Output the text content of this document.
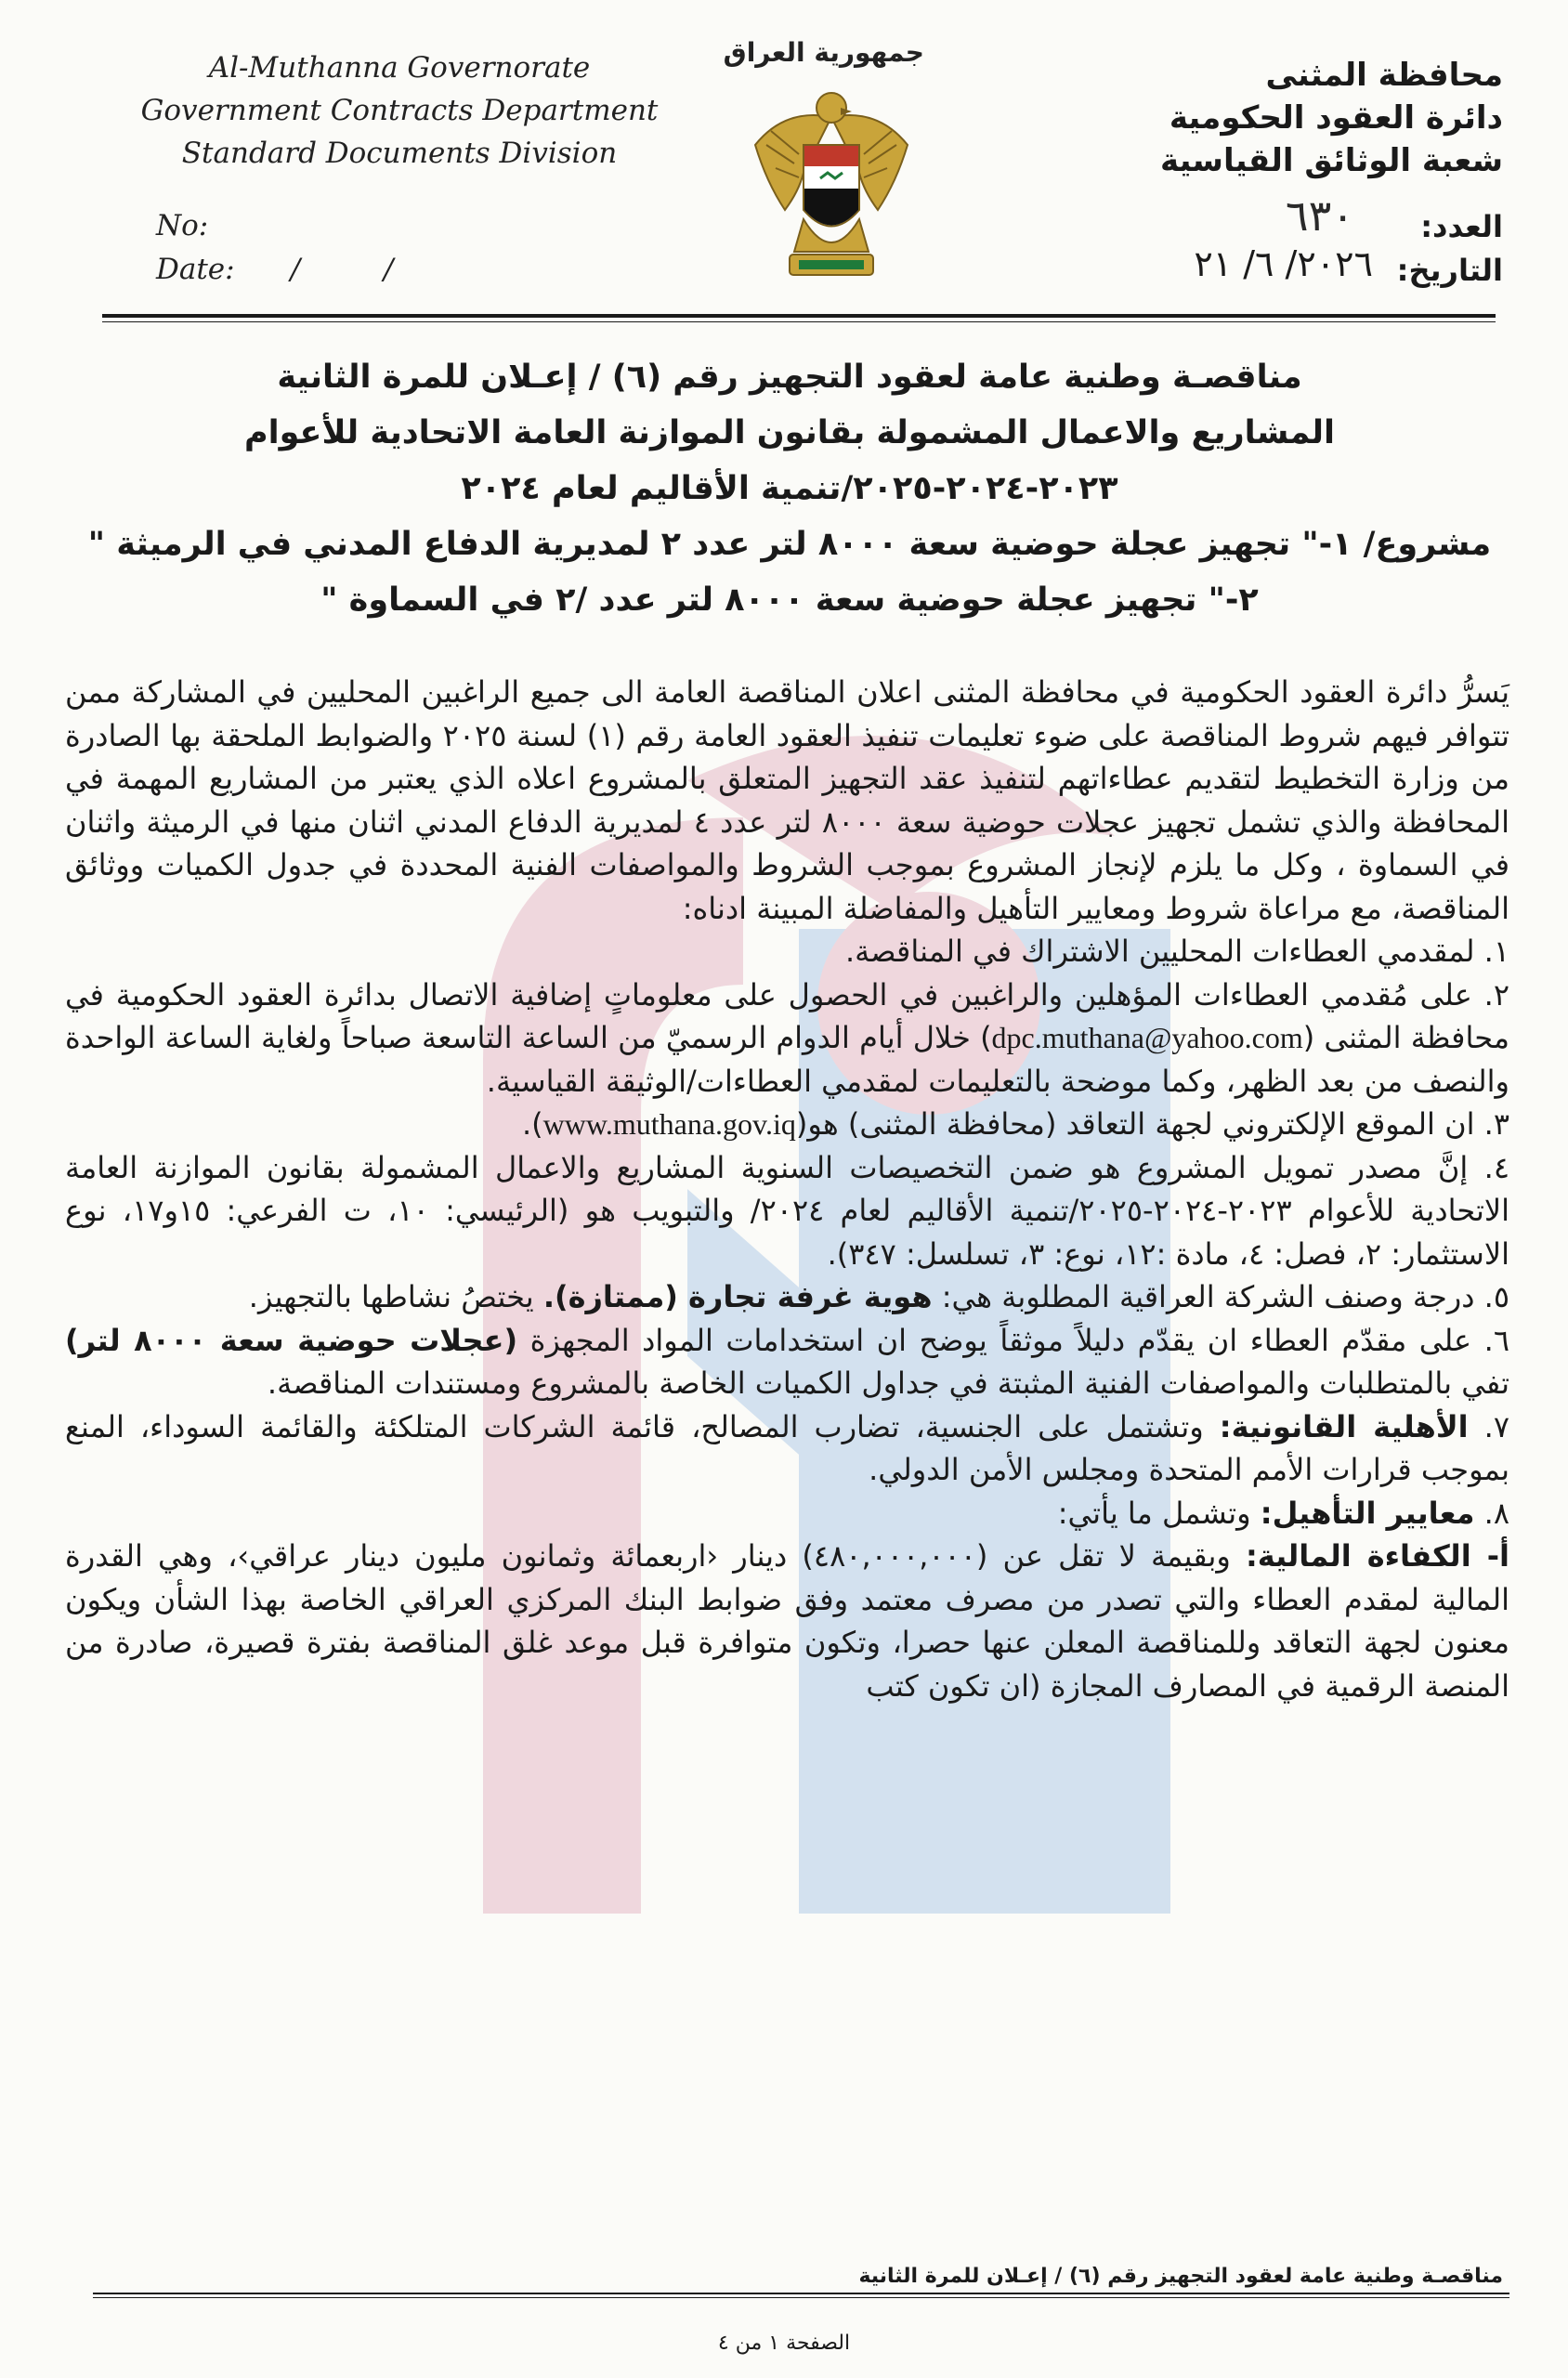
Al-Muthanna Governorate
Government Contracts Department
Standard Documents Division
No:
Date: / /
جمهورية العراق
محافظة المثنى
دائرة العقود الحكومية
شعبة الوثائق القياسية
العدد:
٦٣٠
التاريخ:
٢٠٢٦/ ٦/ ٢١
مناقصـة وطنية عامة لعقود التجهيز رقم (٦) / إعـلان للمرة الثانية
المشاريع والاعمال المشمولة بقانون الموازنة العامة الاتحادية للأعوام
٢٠٢٣-٢٠٢٤-٢٠٢٥/تنمية الأقاليم لعام ٢٠٢٤
مشروع/ ١-" تجهيز عجلة حوضية سعة ٨٠٠٠ لتر عدد ٢ لمديرية الدفاع المدني في الرميثة "
٢-" تجهيز عجلة حوضية سعة ٨٠٠٠ لتر عدد /٢ في السماوة "

يَسرُّ دائرة العقود الحكومية في محافظة المثنى اعلان المناقصة العامة الى جميع الراغبين المحليين في المشاركة ممن تتوافر فيهم شروط المناقصة على ضوء تعليمات تنفيذ العقود العامة رقم (١) لسنة ٢٠٢٥ والضوابط الملحقة بها الصادرة من وزارة التخطيط لتقديم عطاءاتهم لتنفيذ عقد التجهيز المتعلق بالمشروع اعلاه الذي يعتبر من المشاريع المهمة في المحافظة والذي تشمل تجهيز عجلات حوضية سعة ٨٠٠٠ لتر عدد ٤ لمديرية الدفاع المدني اثنان منها في الرميثة واثنان في السماوة ، وكل ما يلزم لإنجاز المشروع بموجب الشروط والمواصفات الفنية المحددة في جدول الكميات ووثائق المناقصة، مع مراعاة شروط ومعايير التأهيل والمفاضلة المبينة ادناه:

١. لمقدمي العطاءات المحليين الاشتراك في المناقصة.

٢. على مُقدمي العطاءات المؤهلين والراغبين في الحصول على معلوماتٍ إضافية الاتصال بدائرة العقود الحكومية في محافظة المثنى (dpc.muthana@yahoo.com) خلال أيام الدوام الرسميّ من الساعة التاسعة صباحاً ولغاية الساعة الواحدة والنصف من بعد الظهر، وكما موضحة بالتعليمات لمقدمي العطاءات/الوثيقة القياسية.

٣. ان الموقع الإلكتروني لجهة التعاقد (محافظة المثنى) هو(www.muthana.gov.iq).

٤. إنَّ مصدر تمويل المشروع هو ضمن التخصيصات السنوية المشاريع والاعمال المشمولة بقانون الموازنة العامة الاتحادية للأعوام ٢٠٢٣-٢٠٢٤-٢٠٢٥/تنمية الأقاليم لعام ٢٠٢٤/ والتبويب هو (الرئيسي: ١٠، ت الفرعي: ١٥و١٧، نوع الاستثمار: ٢، فصل: ٤، مادة :١٢، نوع: ٣، تسلسل: ٣٤٧).

٥. درجة وصنف الشركة العراقية المطلوبة هي: هوية غرفة تجارة (ممتازة). يختصُ نشاطها بالتجهيز.

٦. على مقدّم العطاء ان يقدّم دليلاً موثقاً يوضح ان استخدامات المواد المجهزة (عجلات حوضية سعة ٨٠٠٠ لتر) تفي بالمتطلبات والمواصفات الفنية المثبتة في جداول الكميات الخاصة بالمشروع ومستندات المناقصة.

٧. الأهلية القانونية: وتشتمل على الجنسية، تضارب المصالح، قائمة الشركات المتلكئة والقائمة السوداء، المنع بموجب قرارات الأمم المتحدة ومجلس الأمن الدولي.

٨. معايير التأهيل: وتشمل ما يأتي:

أ- الكفاءة المالية: وبقيمة لا تقل عن (٤٨٠,٠٠٠,٠٠٠) دينار ‹اربعمائة وثمانون مليون دينار عراقي›، وهي القدرة المالية لمقدم العطاء والتي تصدر من مصرف معتمد وفق ضوابط البنك المركزي العراقي الخاصة بهذا الشأن ويكون معنون لجهة التعاقد وللمناقصة المعلن عنها حصرا، وتكون متوافرة قبل موعد غلق المناقصة بفترة قصيرة، صادرة من المنصة الرقمية في المصارف المجازة (ان تكون كتب

مناقصـة وطنية عامة لعقود التجهيز رقم (٦) / إعـلان للمرة الثانية
الصفحة ١ من ٤
